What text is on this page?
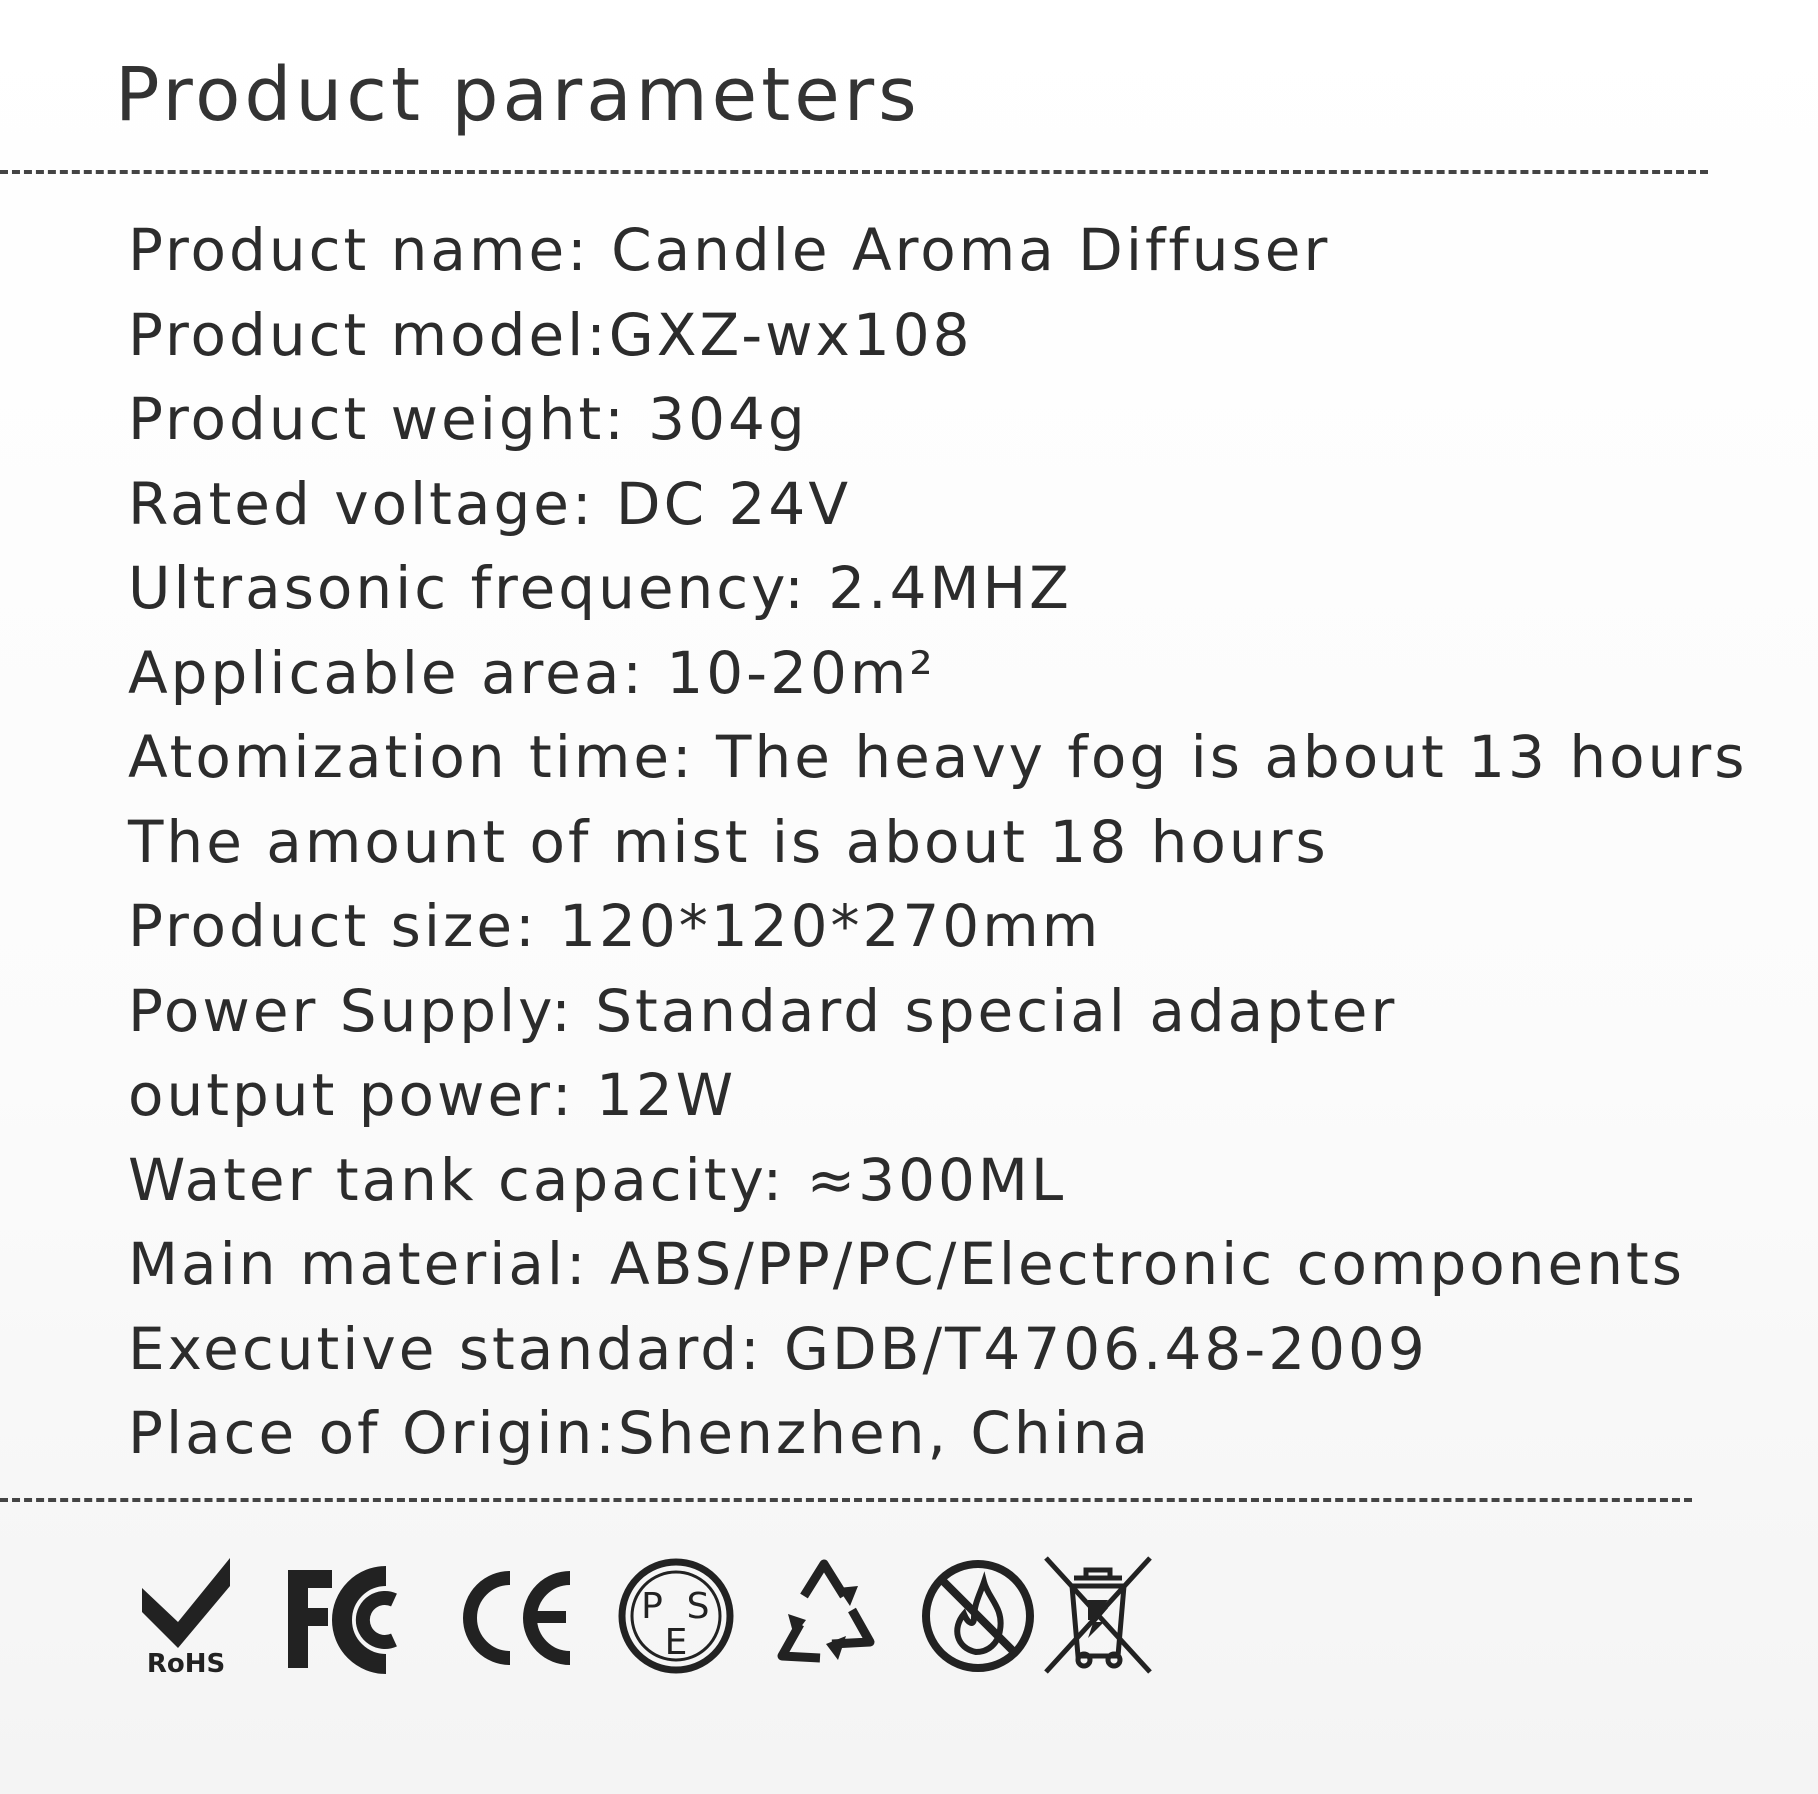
Product parameters
Product name: Candle Aroma Diffuser
Product model:GXZ-wx108
Product weight: 304g
Rated voltage: DC 24V
Ultrasonic frequency: 2.4MHZ
Applicable area: 10-20m²
Atomization time: The heavy fog is about 13 hours
The amount of mist is about 18 hours
Product size: 120*120*270mm
Power Supply: Standard special adapter
output power: 12W
Water tank capacity: ≈300ML
Main material: ABS/PP/PC/Electronic components
Executive standard: GDB/T4706.48-2009
Place of Origin:Shenzhen, China
RoHS
P S
E
